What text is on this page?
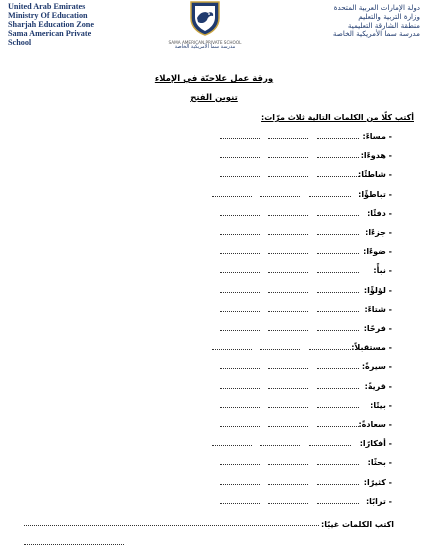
United Arab Emirates
Ministry Of Education
Sharjah Education Zone
Sama American Private
School	SAMA AMERICAN PRIVATE SCHOOL
مدرسة سما الأمريكية الخاصة
دولة الإمارات العربية المتحدة
وزارة التربية والتعليم
منطقة الشارقة التعليمية
مدرسة سما الأمريكية الخاصة
ورقة عمل علاجيّة في الإملاء
تنوين الفتح
أكتب كلًا من الكلمات التالية ثلاث مرّات:
- مساءً:
- هدوءًا:
- شاطئًا:
- تباطؤًا:
- دفئًا:
- جزءًا:
- ضوءًا:
- نبأً:
- لؤلؤًا:
- شتاءً:
- فرحًا:
- مستقبلاً:
- سيرةً:
- قريةً:
- بيتًا:
- سعادةً:
- أفكارًا:
- بحثًا:
- كثيرًا:
- ترابًا:
اكتب الكلمات غيبًا:
